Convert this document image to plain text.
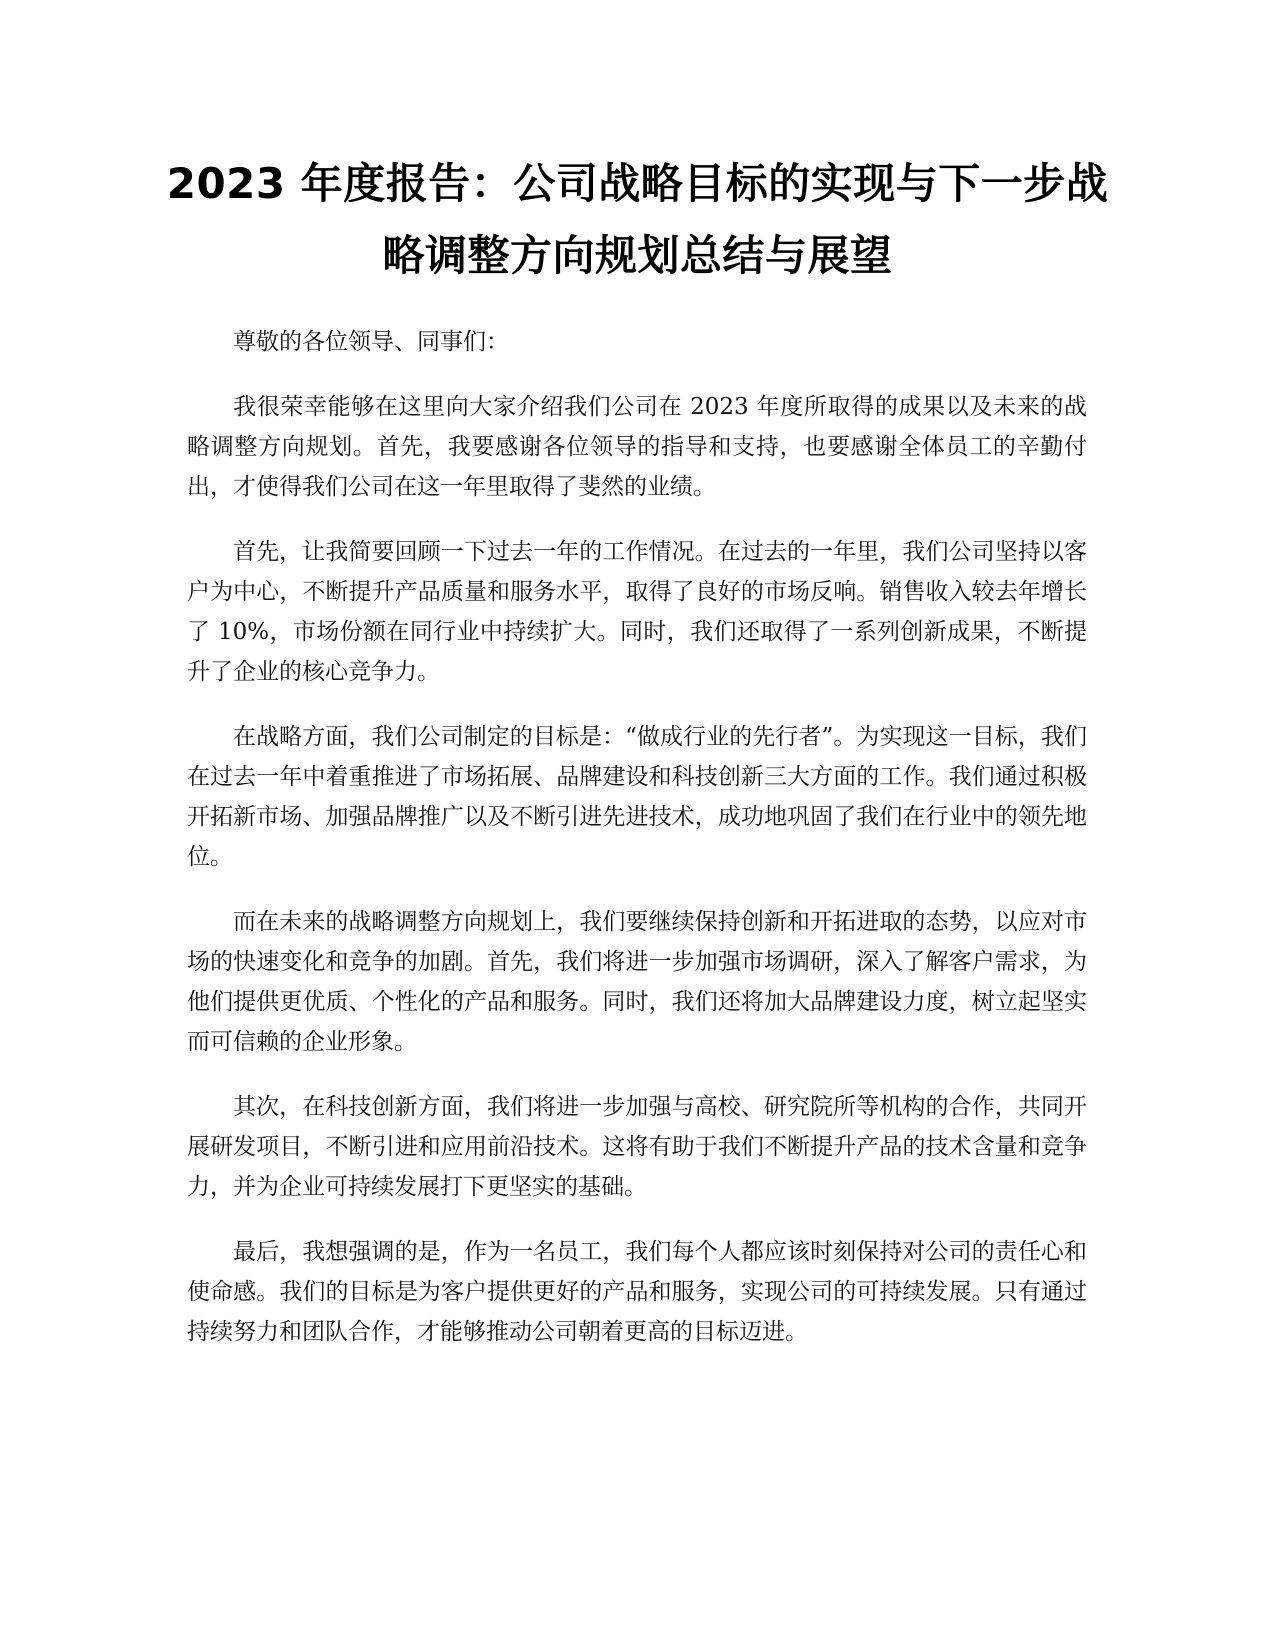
2023 年度报告：公司战略目标的实现与下一步战略调整方向规划总结与展望

尊敬的各位领导、同事们：

我很荣幸能够在这里向大家介绍我们公司在 2023 年度所取得的成果以及未来的战略调整方向规划。首先，我要感谢各位领导的指导和支持，也要感谢全体员工的辛勤付出，才使得我们公司在这一年里取得了斐然的业绩。

首先，让我简要回顾一下过去一年的工作情况。在过去的一年里，我们公司坚持以客户为中心，不断提升产品质量和服务水平，取得了良好的市场反响。销售收入较去年增长了 10%，市场份额在同行业中持续扩大。同时，我们还取得了一系列创新成果，不断提升了企业的核心竞争力。

在战略方面，我们公司制定的目标是：“做成行业的先行者”。为实现这一目标，我们在过去一年中着重推进了市场拓展、品牌建设和科技创新三大方面的工作。我们通过积极开拓新市场、加强品牌推广以及不断引进先进技术，成功地巩固了我们在行业中的领先地位。

而在未来的战略调整方向规划上，我们要继续保持创新和开拓进取的态势，以应对市场的快速变化和竞争的加剧。首先，我们将进一步加强市场调研，深入了解客户需求，为他们提供更优质、个性化的产品和服务。同时，我们还将加大品牌建设力度，树立起坚实而可信赖的企业形象。

其次，在科技创新方面，我们将进一步加强与高校、研究院所等机构的合作，共同开展研发项目，不断引进和应用前沿技术。这将有助于我们不断提升产品的技术含量和竞争力，并为企业可持续发展打下更坚实的基础。

最后，我想强调的是，作为一名员工，我们每个人都应该时刻保持对公司的责任心和使命感。我们的目标是为客户提供更好的产品和服务，实现公司的可持续发展。只有通过持续努力和团队合作，才能够推动公司朝着更高的目标迈进。
